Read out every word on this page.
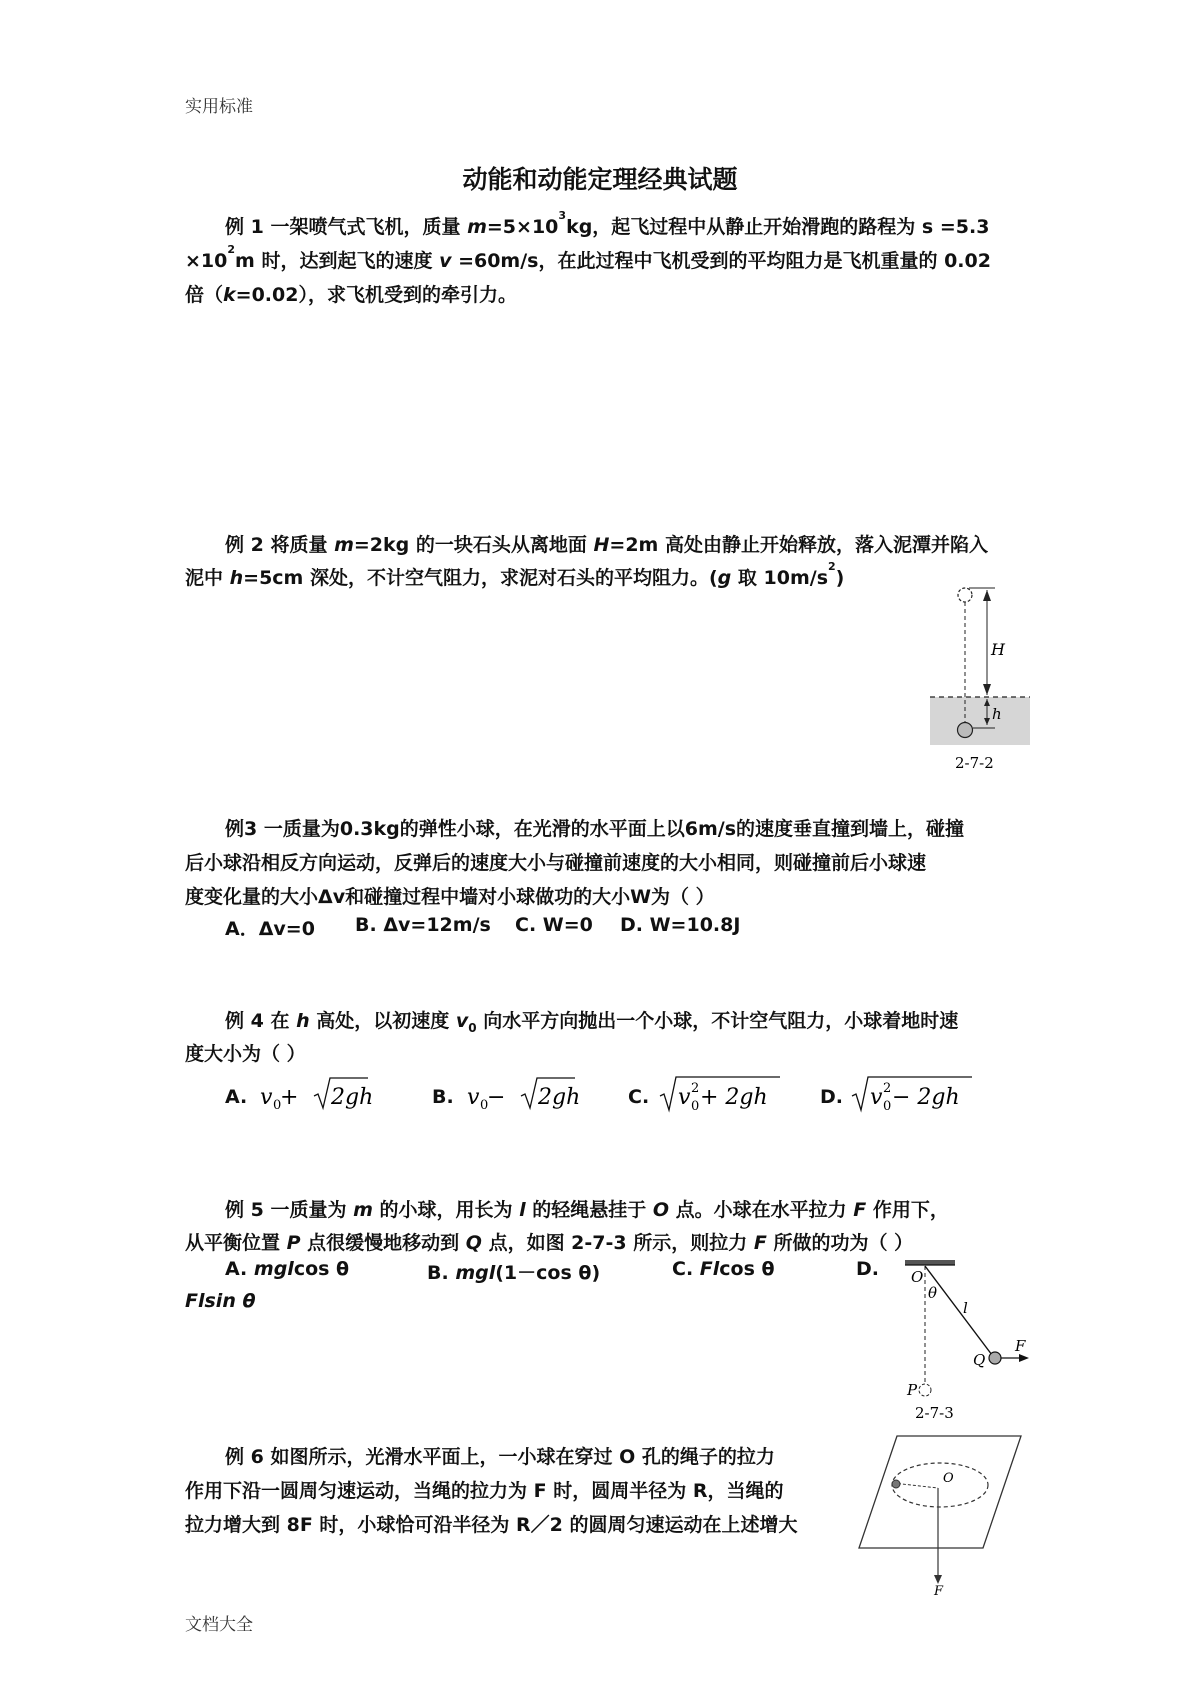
实用标准
动能和动能定理经典试题
例 1 一架喷气式飞机，质量 $m=5\times 10^3kg$，起飞过程中从静止开始滑跑的路程为 s =5.3
$\times 10^2m$ 时，达到起飞的速度 v =60m/s，在此过程中飞机受到的平均阻力是飞机重量的 0.02
倍（k=0.02），求飞机受到的牵引力。
例 2 将质量 m=2kg 的一块石头从离地面 H=2m 高处由静止开始释放，落入泥潭并陷入
泥中 h=5cm 深处，不计空气阻力，求泥对石头的平均阻力。(g 取 $10m/s^2$)
H
h
2-7-2
例3 一质量为0.3kg的弹性小球，在光滑的水平面上以6m/s的速度垂直撞到墙上，碰撞
后小球沿相反方向运动，反弹后的速度大小与碰撞前速度的大小相同，则碰撞前后小球速
度变化量的大小Δv和碰撞过程中墙对小球做功的大小W为（ ）
A．Δv=0 B. Δv=12m/s C. W=0 D. W=10.8J
例 4 在 h 高处，以初速度 $v_0$ 向水平方向抛出一个小球，不计空气阻力，小球着地时速
度大小为（ ）
A. v 0
+ 2gh	B. v 0
− 2gh	C. v 0
2 + 2gh	D. v 0
2 − 2gh
例 5 一质量为 m 的小球，用长为 l 的轻绳悬挂于 O 点。小球在水平拉力 F 作用下，
从平衡位置 P 点很缓慢地移动到 Q 点，如图 2-7-3 所示，则拉力 F 所做的功为（ ）
A. mglcos θ	B. mgl(1－cos θ)	C. Flcos θ	D.
Flsin θ
O
θ
l
Q
F
P
2-7-3
例 6 如图所示，光滑水平面上，一小球在穿过 O 孔的绳子的拉力
作用下沿一圆周匀速运动，当绳的拉力为 F 时，圆周半径为 R，当绳的
拉力增大到 8F 时，小球恰可沿半径为 R／2 的圆周匀速运动在上述增大
O
F
文档大全
